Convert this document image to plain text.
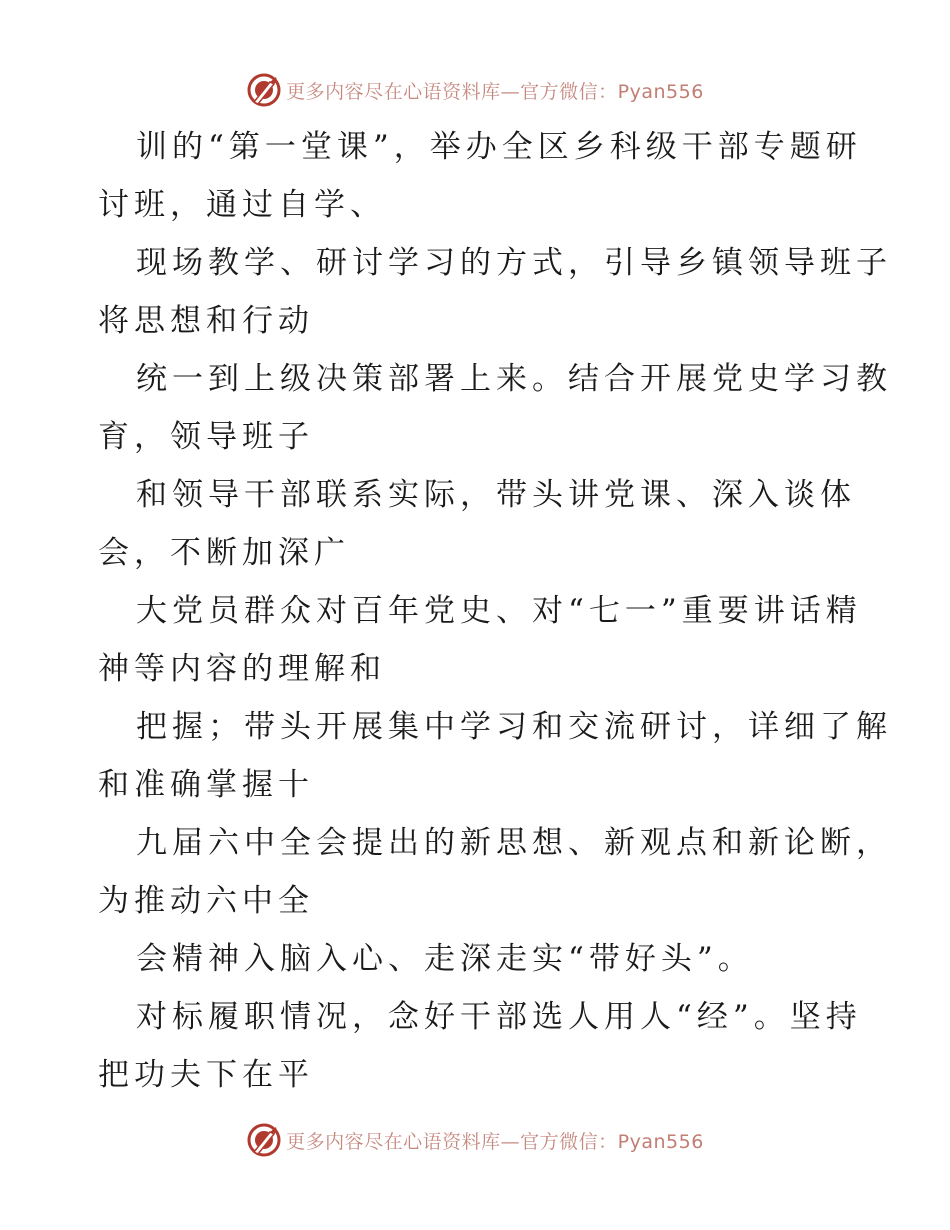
更多内容尽在心语资料库—官方微信：Pyan556

训的“第一堂课”，举办全区乡科级干部专题研
讨班，通过自学、

现场教学、研讨学习的方式，引导乡镇领导班子
将思想和行动

统一到上级决策部署上来。结合开展党史学习教
育，领导班子

和领导干部联系实际，带头讲党课、深入谈体
会，不断加深广

大党员群众对百年党史、对“七一”重要讲话精
神等内容的理解和

把握；带头开展集中学习和交流研讨，详细了解
和准确掌握十

九届六中全会提出的新思想、新观点和新论断，
为推动六中全

会精神入脑入心、走深走实“带好头”。

对标履职情况，念好干部选人用人“经”。坚持
把功夫下在平

更多内容尽在心语资料库—官方微信：Pyan556
